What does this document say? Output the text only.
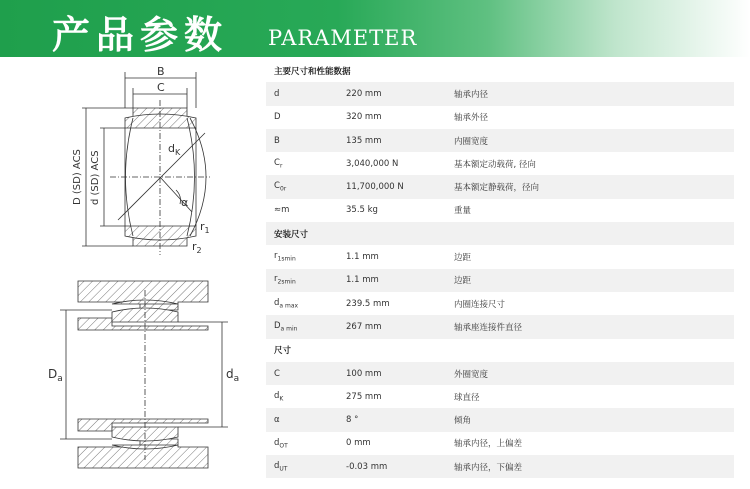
产品参数 PARAMETER
B
C
$d_K$
α
$r_1$
$r_2$
D (SD) ACS d (SD) ACS
$D_a$	$d_a$
主要尺寸和性能数据		
d	220 mm	轴承内径
D	320 mm	轴承外径
B	135 mm	内圈宽度
$C_r$	3,040,000 N	基本额定动载荷, 径向
$C_{0r}$	11,700,000 N	基本额定静载荷，径向
≈m	35.5 kg	重量
安装尺寸		
$r_{1smin}$	1.1 mm	边距
$r_{2smin}$	1.1 mm	边距
$d_{a max}$	239.5 mm	内圈连接尺寸
$D_{a min}$	267 mm	轴承座连接件直径
尺寸		
C	100 mm	外圈宽度
$d_K$	275 mm	球直径
α	8 °	倾角
$d_{OT}$	0 mm	轴承内径，上偏差
$d_{UT}$	-0.03 mm	轴承内径，下偏差
